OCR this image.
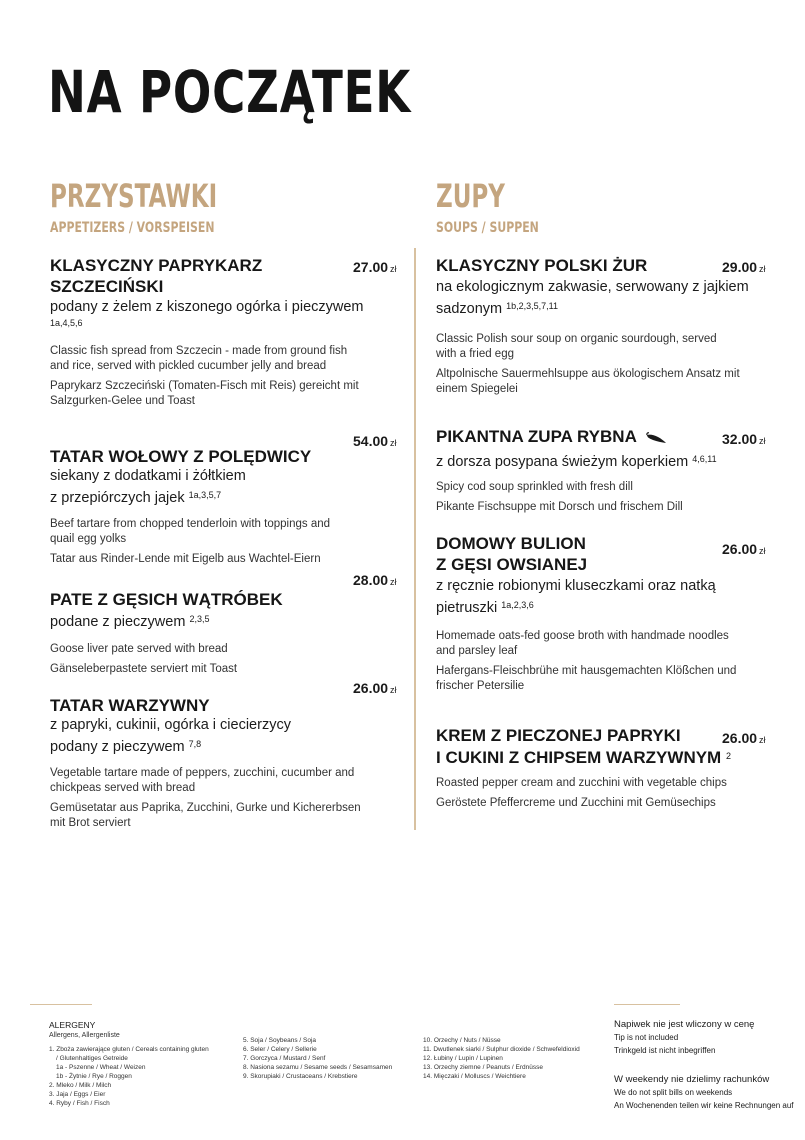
NA POCZĄTEK
PRZYSTAWKI
APPETIZERS / VORSPEISEN
KLASYCZNY PAPRYKARZ
SZCZECIŃSKI
27.00 zł
podany z żelem z kiszonego ogórka i pieczywem
1a,4,5,6
Classic fish spread from Szczecin - made from ground fish and rice, served with pickled cucumber jelly and bread
Paprykarz Szczeciński (Tomaten-Fisch mit Reis) gereicht mit Salzgurken-Gelee und Toast
54.00 zł
TATAR WOŁOWY Z POLĘDWICY
siekany z dodatkami i żółtkiem
z przepiórczych jajek $^{1a,3,5,7}$
Beef tartare from chopped tenderloin with toppings and quail egg yolks
Tatar aus Rinder-Lende mit Eigelb aus Wachtel-Eiern
28.00 zł
PATE Z GĘSICH WĄTRÓBEK
podane z pieczywem $^{2,3,5}$
Goose liver pate served with bread
Gänseleberpastete serviert mit Toast
26.00 zł
TATAR WARZYWNY
z papryki, cukinii, ogórka i ciecierzycy
podany z pieczywem $^{7,8}$
Vegetable tartare made of peppers, zucchini, cucumber and chickpeas served with bread
Gemüsetatar aus Paprika, Zucchini, Gurke und Kichererbsen mit Brot serviert
ZUPY
SOUPS / SUPPEN
29.00 zł
KLASYCZNY POLSKI ŻUR
na ekologicznym zakwasie, serwowany z jajkiem
sadzonym $^{1b,2,3,5,7,11}$
Classic Polish sour soup on organic sourdough, served with a fried egg
Altpolnische Sauermehlsuppe aus ökologischem Ansatz mit einem Spiegelei
32.00 zł
PIKANTNA ZUPA RYBNA
z dorsza posypana świeżym koperkiem $^{4,6,11}$
Spicy cod soup sprinkled with fresh dill
Pikante Fischsuppe mit Dorsch und frischem Dill
26.00 zł
DOMOWY BULION
Z GĘSI OWSIANEJ
z ręcznie robionymi kluseczkami oraz natką
pietruszki $^{1a,2,3,6}$
Homemade oats-fed goose broth with handmade noodles and parsley leaf
Hafergans-Fleischbrühe mit hausgemachten Klößchen und frischer Petersilie
26.00 zł
KREM Z PIECZONEJ PAPRYKI
I CUKINI Z CHIPSEM WARZYWNYM $^2$
Roasted pepper cream and zucchini with vegetable chips
Geröstete Pfeffercreme und Zucchini mit Gemüsechips
ALERGENY
Allergens, Allergenliste
1. Zboża zawierające gluten / Cereals containing gluten
/ Glutenhaltiges Getreide
1a - Pszenne / Wheat / Weizen
1b - Żytnie / Rye / Roggen
2. Mleko / Milk / Milch
3. Jaja / Eggs / Eier
4. Ryby / Fish / Fisch
5. Soja / Soybeans / Soja
6. Seler / Celery / Sellerie
7. Gorczyca / Mustard / Senf
8. Nasiona sezamu / Sesame seeds / Sesamsamen
9. Skorupiaki / Crustaceans / Krebstiere
10. Orzechy / Nuts / Nüsse
11. Dwutlenek siarki / Sulphur dioxide / Schwefeldioxid
12. Łubiny / Lupin / Lupinen
13. Orzechy ziemne / Peanuts / Erdnüsse
14. Mięczaki / Molluscs / Weichtiere
Napiwek nie jest wliczony w cenę
Tip is not included
Trinkgeld ist nicht inbegriffen
W weekendy nie dzielimy rachunków
We do not split bills on weekends
An Wochenenden teilen wir keine Rechnungen auf
